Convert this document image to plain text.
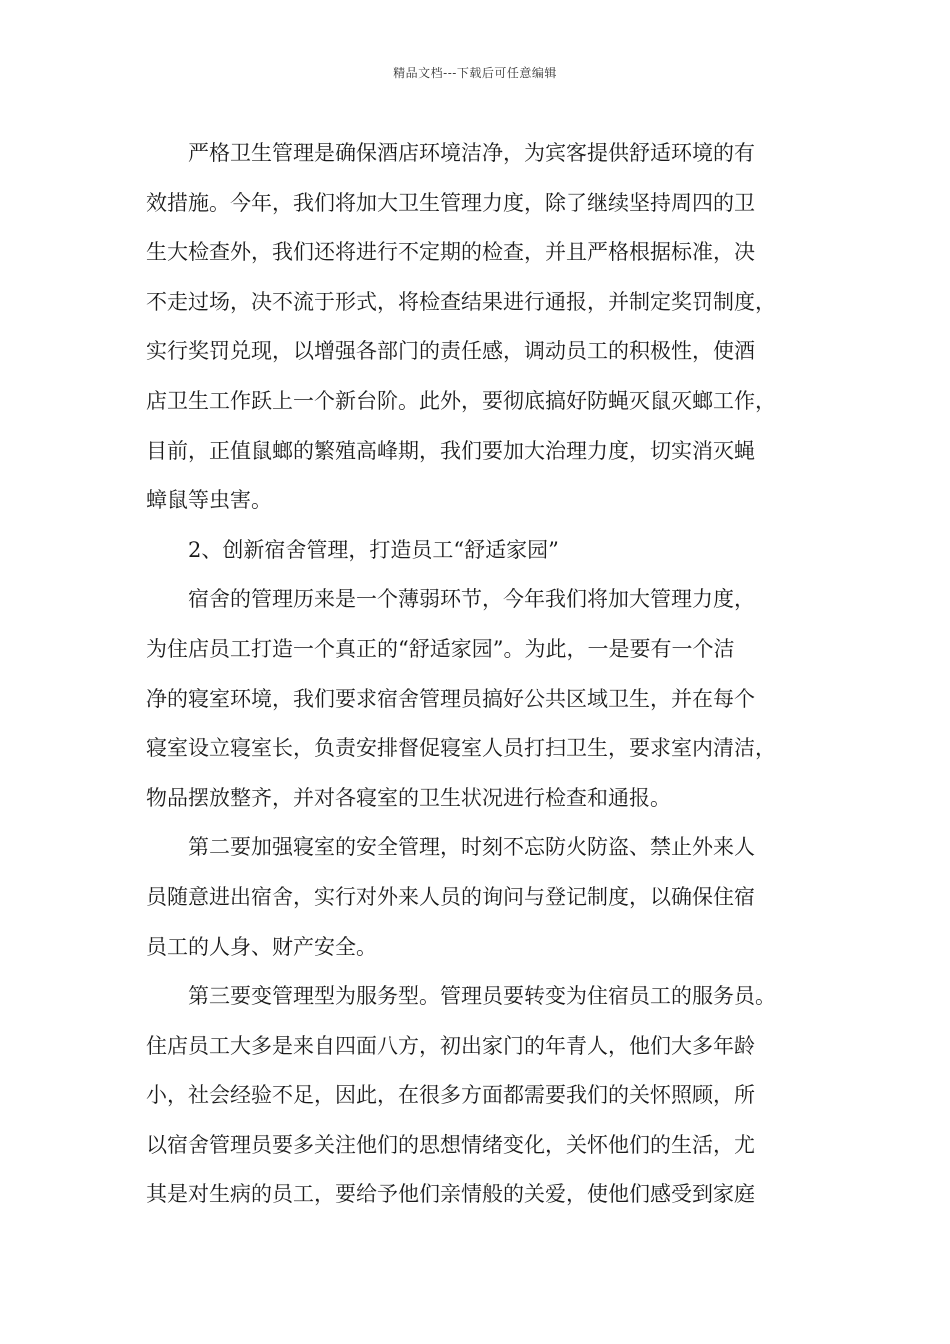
精品文档---下载后可任意编辑

严格卫生管理是确保酒店环境洁净，为宾客提供舒适环境的有
效措施。今年，我们将加大卫生管理力度，除了继续坚持周四的卫
生大检查外，我们还将进行不定期的检查，并且严格根据标准，决
不走过场，决不流于形式，将检查结果进行通报，并制定奖罚制度，
实行奖罚兑现，以增强各部门的责任感，调动员工的积极性，使酒
店卫生工作跃上一个新台阶。此外，要彻底搞好防蝇灭鼠灭螂工作，
目前，正值鼠螂的繁殖高峰期，我们要加大治理力度，切实消灭蝇
蟑鼠等虫害。

2、创新宿舍管理，打造员工“舒适家园”

宿舍的管理历来是一个薄弱环节，今年我们将加大管理力度，
为住店员工打造一个真正的“舒适家园”。为此，一是要有一个洁
净的寝室环境，我们要求宿舍管理员搞好公共区域卫生，并在每个
寝室设立寝室长，负责安排督促寝室人员打扫卫生，要求室内清洁，
物品摆放整齐，并对各寝室的卫生状况进行检查和通报。

第二要加强寝室的安全管理，时刻不忘防火防盗、禁止外来人
员随意进出宿舍，实行对外来人员的询问与登记制度，以确保住宿
员工的人身、财产安全。

第三要变管理型为服务型。管理员要转变为住宿员工的服务员。
住店员工大多是来自四面八方，初出家门的年青人，他们大多年龄
小，社会经验不足，因此，在很多方面都需要我们的关怀照顾，所
以宿舍管理员要多关注他们的思想情绪变化，关怀他们的生活，尤
其是对生病的员工，要给予他们亲情般的关爱，使他们感受到家庭
